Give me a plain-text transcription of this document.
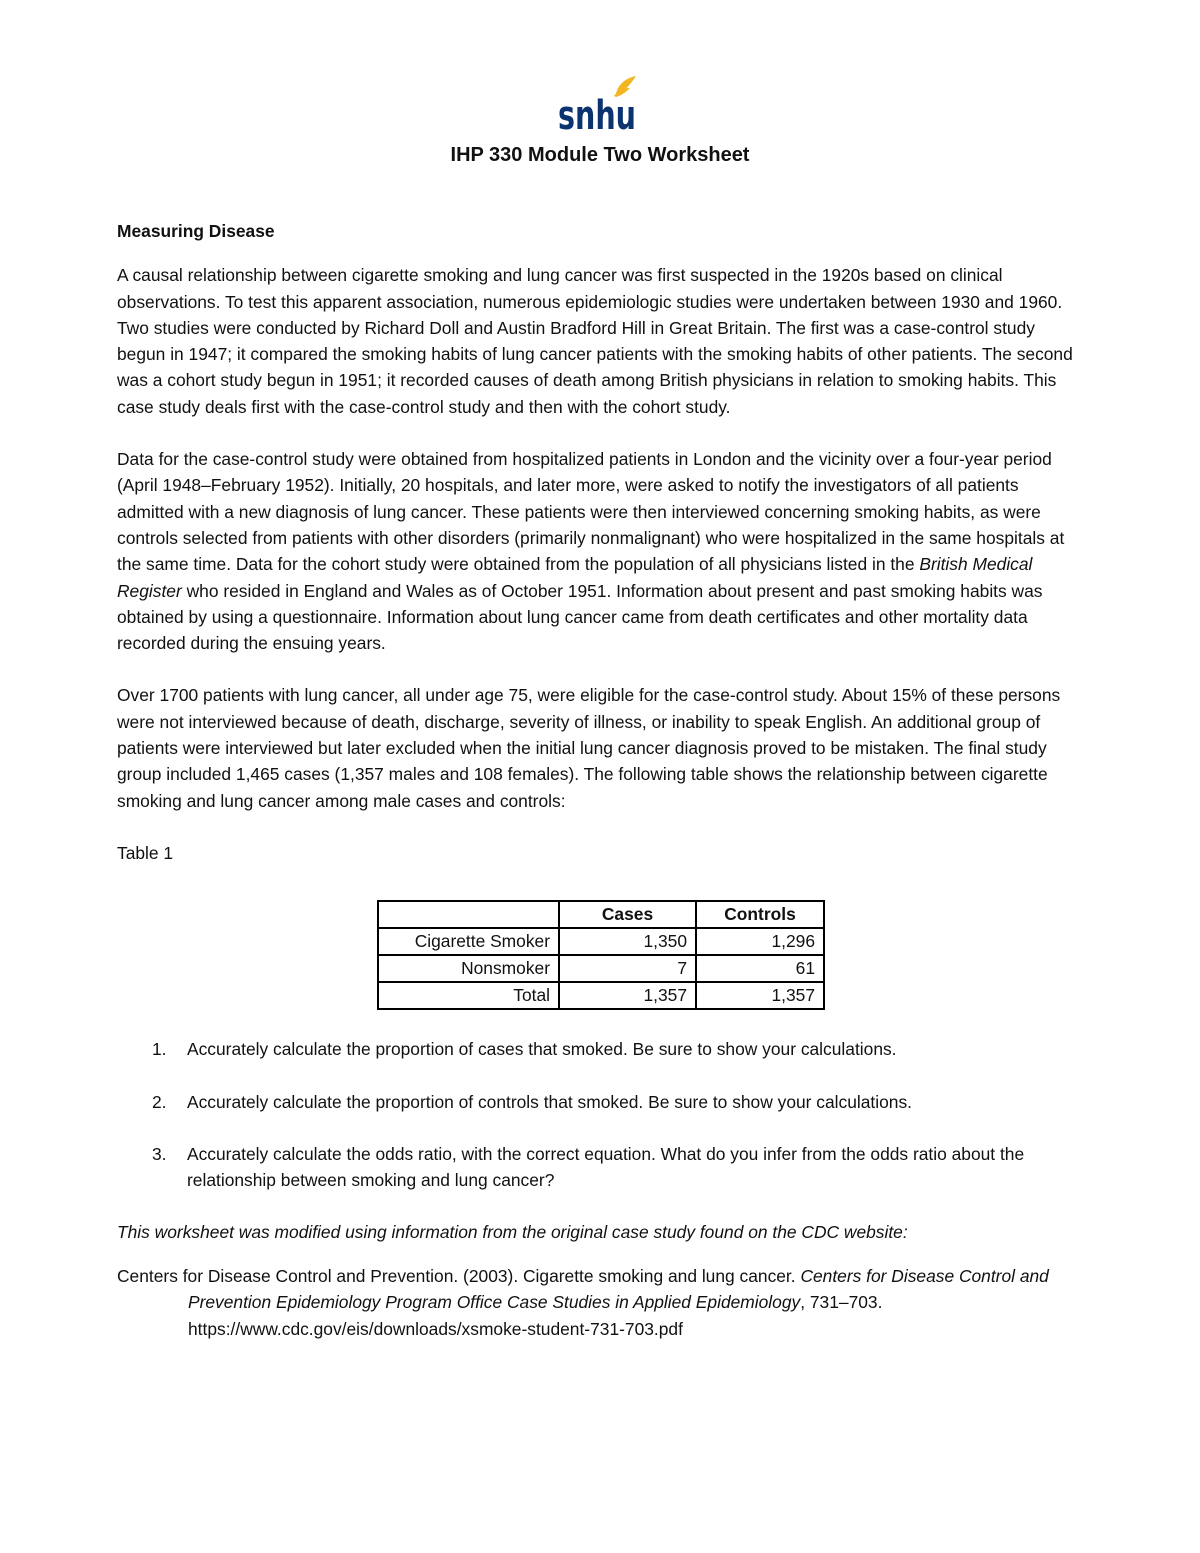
snhu
IHP 330 Module Two Worksheet

Measuring Disease

A causal relationship between cigarette smoking and lung cancer was first suspected in the 1920s based on clinical observations. To test this apparent association, numerous epidemiologic studies were undertaken between 1930 and 1960. Two studies were conducted by Richard Doll and Austin Bradford Hill in Great Britain. The first was a case-control study begun in 1947; it compared the smoking habits of lung cancer patients with the smoking habits of other patients. The second was a cohort study begun in 1951; it recorded causes of death among British physicians in relation to smoking habits. This case study deals first with the case-control study and then with the cohort study.

Data for the case-control study were obtained from hospitalized patients in London and the vicinity over a four-year period (April 1948–February 1952). Initially, 20 hospitals, and later more, were asked to notify the investigators of all patients admitted with a new diagnosis of lung cancer. These patients were then interviewed concerning smoking habits, as were controls selected from patients with other disorders (primarily nonmalignant) who were hospitalized in the same hospitals at the same time. Data for the cohort study were obtained from the population of all physicians listed in the British Medical Register who resided in England and Wales as of October 1951. Information about present and past smoking habits was obtained by using a questionnaire. Information about lung cancer came from death certificates and other mortality data recorded during the ensuing years.

Over 1700 patients with lung cancer, all under age 75, were eligible for the case-control study. About 15% of these persons were not interviewed because of death, discharge, severity of illness, or inability to speak English. An additional group of patients were interviewed but later excluded when the initial lung cancer diagnosis proved to be mistaken. The final study group included 1,465 cases (1,357 males and 108 females). The following table shows the relationship between cigarette smoking and lung cancer among male cases and controls:

Table 1

	Cases	Controls
Cigarette Smoker	1,350	1,296
Nonsmoker	7	61
Total	1,357	1,357
1. Accurately calculate the proportion of cases that smoked. Be sure to show your calculations.
2. Accurately calculate the proportion of controls that smoked. Be sure to show your calculations.
3. Accurately calculate the odds ratio, with the correct equation. What do you infer from the odds ratio about the relationship between smoking and lung cancer?

This worksheet was modified using information from the original case study found on the CDC website:

Centers for Disease Control and Prevention. (2003). Cigarette smoking and lung cancer. Centers for Disease Control and Prevention Epidemiology Program Office Case Studies in Applied Epidemiology, 731–703. https://www.cdc.gov/eis/downloads/xsmoke-student-731-703.pdf
